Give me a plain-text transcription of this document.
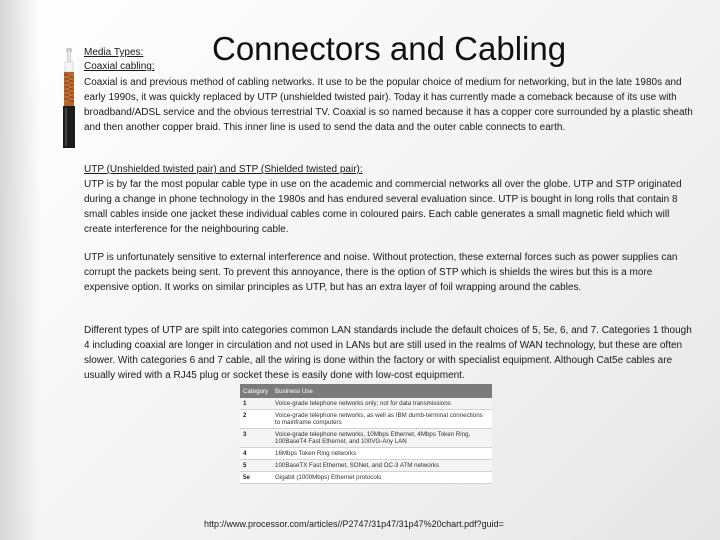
Media Types: Connectors and Cabling

Coaxial cabling:

Coaxial is and previous method of cabling networks. It use to be the popular choice of medium for networking, but in the late 1980s and early 1990s, it was quickly replaced by UTP (unshielded twisted pair). Today it has currently made a comeback because of its use with broadband/ADSL service and the obvious terrestrial TV. Coaxial is so named because it has a copper core surrounded by a plastic sheath and then another copper braid. This inner line is used to send the data and the outer cable connects to earth.

UTP (Unshielded twisted pair) and STP (Shielded twisted pair):
UTP is by far the most popular cable type in use on the academic and commercial networks all over the globe. UTP and STP originated during a change in phone technology in the 1980s and has endured several evaluation since. UTP is bought in long rolls that contain 8 small cables inside one jacket these individual cables come in coloured pairs. Each cable generates a small magnetic field which will create interference for the neighbouring cable.

UTP is unfortunately sensitive to external interference and noise. Without protection, these external forces such as power supplies can corrupt the packets being sent. To prevent this annoyance, there is the option of STP which is shields the wires but this is a more expensive option. It works on similar principles as UTP, but has an extra layer of foil wrapping around the cables.

Different types of UTP are spilt into categories common LAN standards include the default choices of 5, 5e, 6, and 7. Categories 1 though 4 including coaxial are longer in circulation and not used in LANs but are still used in the realms of WAN technology, but these are often slower. With categories 6 and 7 cable, all the wiring is done within the factory or with specialist equipment. Although Cat5e cables are usually wired with a RJ45 plug or socket these is easily done with low-cost equipment.

Category	Business Use
1	Voice-grade telephone networks only; not for data transmissions
2	Voice-grade telephone networks, as well as IBM dumb-terminal connections to mainframe computers
3	Voice-grade telephone networks, 10Mbps Ethernet, 4Mbps Token Ring, 100BaseT4 Fast Ethernet, and 100VG-Any LAN
4	16Mbps Token Ring networks
5	100BaseTX Fast Ethernet, SONet, and OC-3 ATM networks
5e	Gigabit (1000Mbps) Ethernet protocols

http://www.processor.com/articles//P2747/31p47/31p47%20chart.pdf?guid=
